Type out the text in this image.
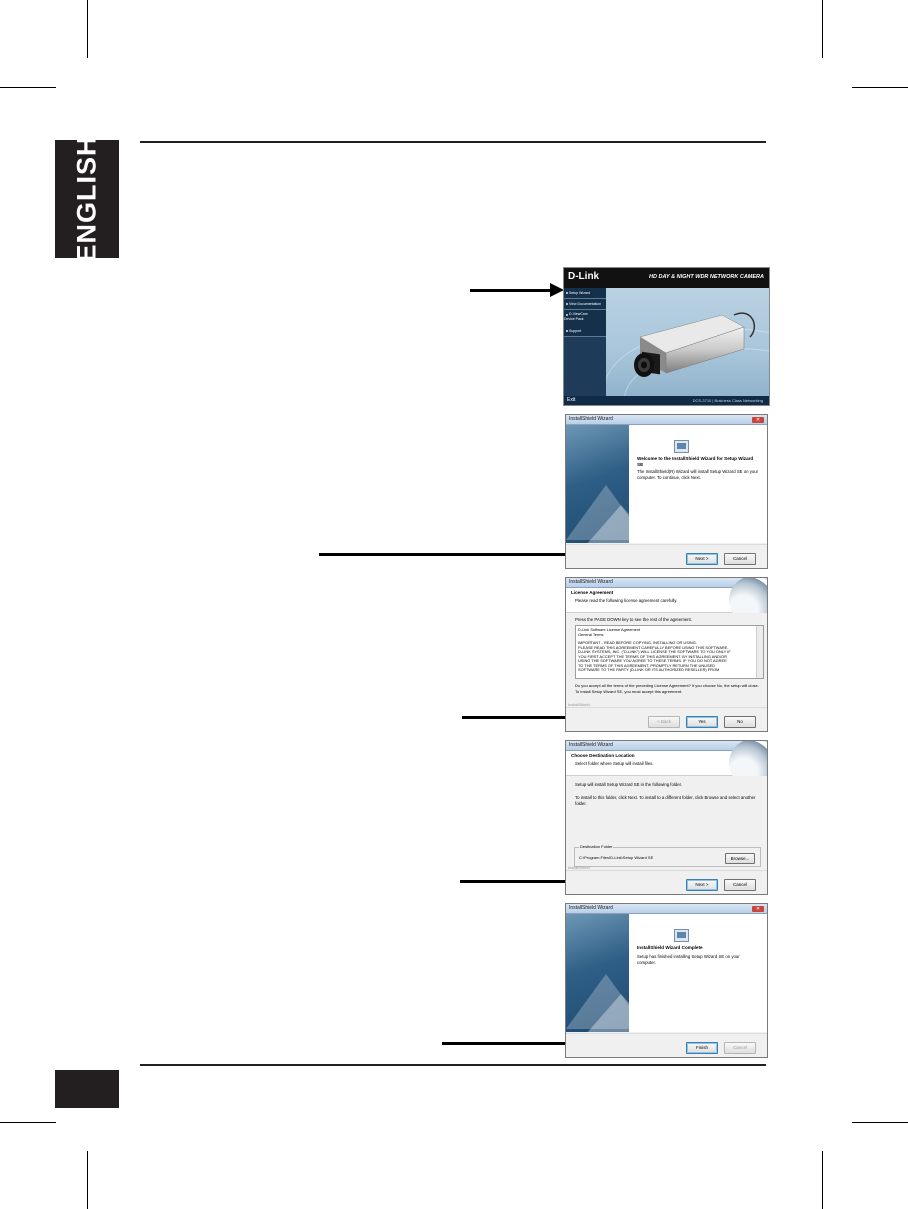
ENGLISH
D-Link	HD DAY & NIGHT WDR NETWORK CAMERA
Setup Wizard
View Documentation
D-ViewCam
Device Pack
Support
Exit	DCS-3710 | Business Class Networking
InstallShield Wizard	✕
Welcome to the InstallShield Wizard for Setup Wizard SE
The InstallShield(R) Wizard will install Setup Wizard SE on your computer. To continue, click Next.
Next >	Cancel
InstallShield Wizard
License Agreement
Please read the following license agreement carefully.
Press the PAGE DOWN key to see the rest of the agreement.
D-Link Software License Agreement
General Terms
IMPORTANT - READ BEFORE COPYING, INSTALLING OR USING.
PLEASE READ THIS AGREEMENT CAREFULLY BEFORE USING THIS SOFTWARE.
D-LINK SYSTEMS, INC. ("D-LINK") WILL LICENSE THE SOFTWARE TO YOU ONLY IF
YOU FIRST ACCEPT THE TERMS OF THIS AGREEMENT. BY INSTALLING AND/OR
USING THE SOFTWARE YOU AGREE TO THESE TERMS. IF YOU DO NOT AGREE
TO THE TERMS OF THIS AGREEMENT, PROMPTLY RETURN THE UNUSED
SOFTWARE TO THE PARTY (D-LINK OR ITS AUTHORIZED RESELLER) FROM
Do you accept all the terms of the preceding License Agreement? If you choose No, the setup will close. To install Setup Wizard SE, you must accept this agreement.
InstallShield
< Back	Yes	No
InstallShield Wizard
Choose Destination Location
Select folder where Setup will install files.
Setup will install Setup Wizard SE in the following folder.
To install to this folder, click Next. To install to a different folder, click Browse and select another folder.
Destination Folder
C:\Program Files\D-Link\Setup Wizard SE	Browse...
InstallShield
Next >	Cancel
InstallShield Wizard	✕
InstallShield Wizard Complete
Setup has finished installing Setup Wizard SE on your computer.
Finish	Cancel
